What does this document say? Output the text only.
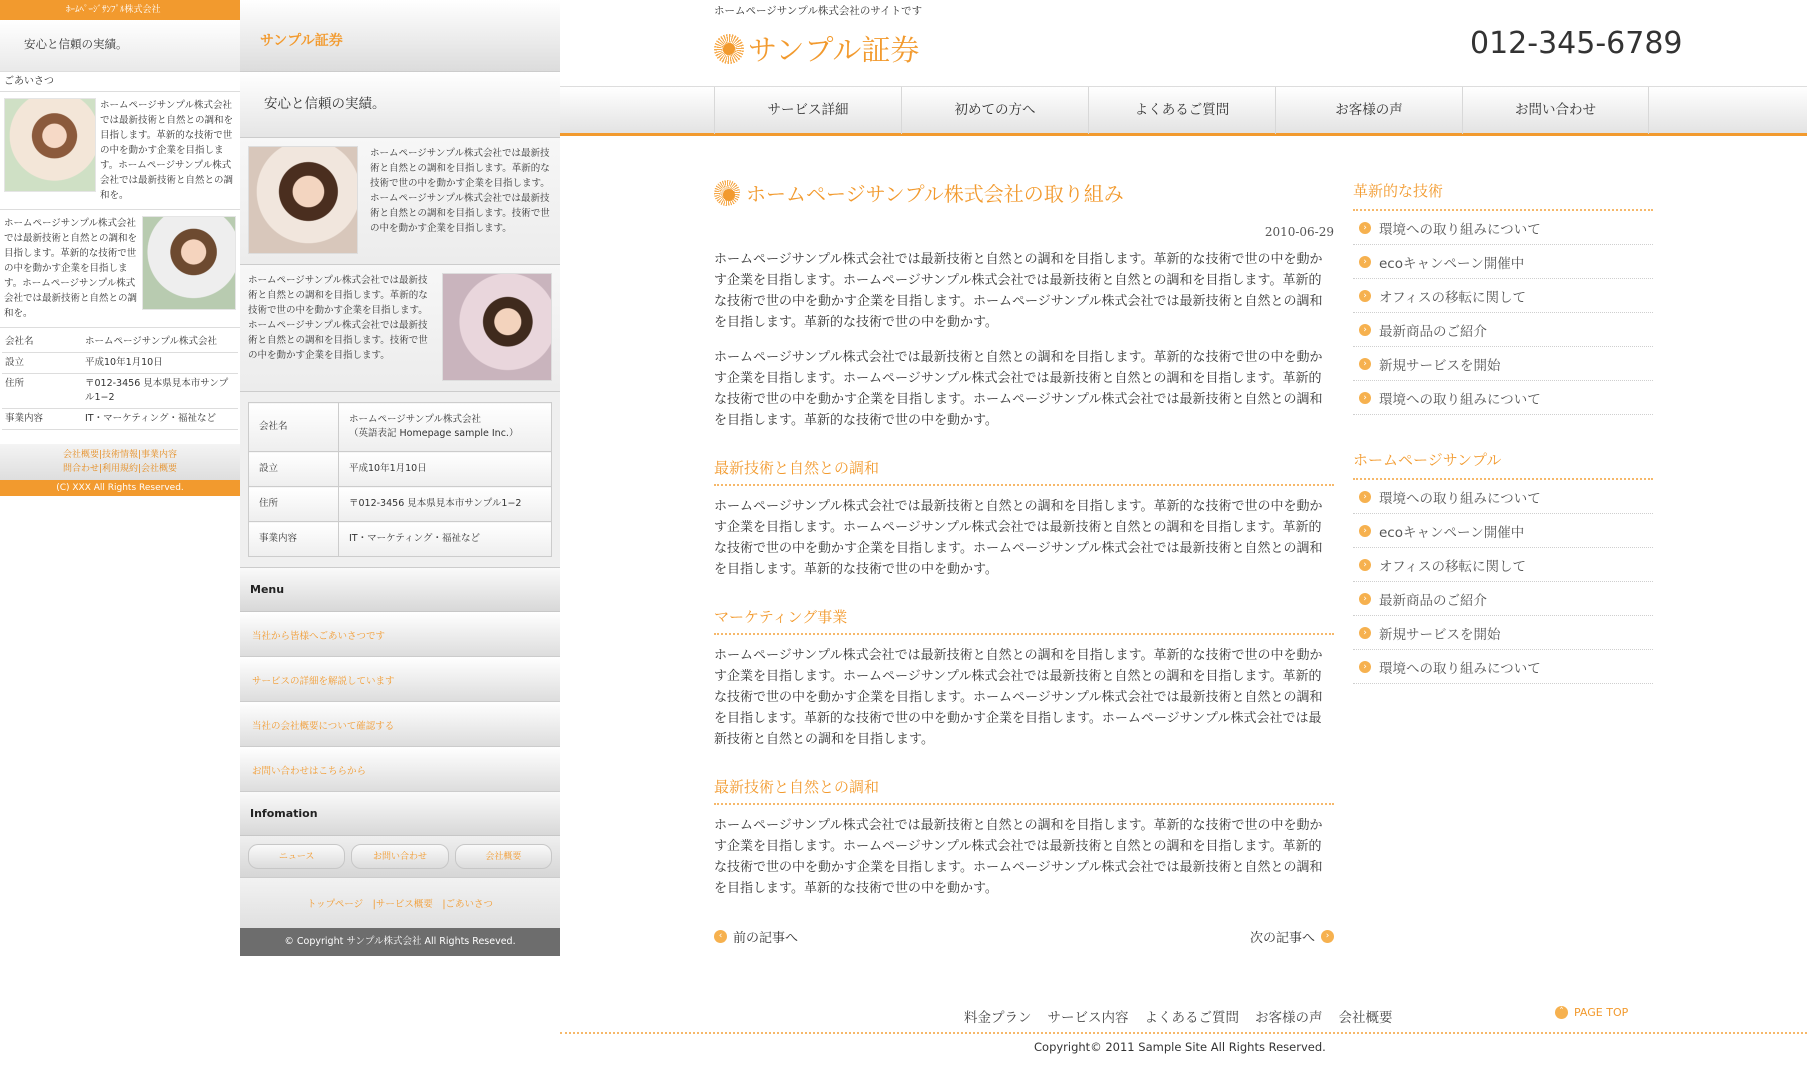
ﾎｰﾑﾍﾟｰｼﾞｻﾝﾌﾟﾙ株式会社
安心と信頼の実績。
ごあいさつ

ホームページサンプル株式会社では最新技術と自然との調和を目指します。革新的な技術で世の中を動かす企業を目指します。ホームページサンプル株式会社では最新技術と自然との調和を。

ホームページサンプル株式会社では最新技術と自然との調和を目指します。革新的な技術で世の中を動かす企業を目指します。ホームページサンプル株式会社では最新技術と自然との調和を。

会社名	ホームページサンプル株式会社
設立	平成10年1月10日
住所	〒012-3456 見本県見本市サンプル1−2
事業内容	IT・マーケティング・福祉など
会社概要|技術情報|事業内容
問合わせ|利用規約|会社概要
(C) XXX All Rights Reserved.
サンプル証券
安心と信頼の実績。

ホームページサンプル株式会社では最新技術と自然との調和を目指します。革新的な技術で世の中を動かす企業を目指します。ホームページサンプル株式会社では最新技術と自然との調和を目指します。技術で世の中を動かす企業を目指します。

ホームページサンプル株式会社では最新技術と自然との調和を目指します。革新的な技術で世の中を動かす企業を目指します。ホームページサンプル株式会社では最新技術と自然との調和を目指します。技術で世の中を動かす企業を目指します。

会社名	ホームページサンプル株式会社
（英語表記 Homepage sample Inc.）

設立	平成10年1月10日
住所	〒012-3456 見本県見本市サンプル1−2
事業内容	IT・マーケティング・福祉など
Menu
当社から皆様へごあいさつです
サービスの詳細を解説しています
当社の会社概要について確認する
お問い合わせはこちらから
Infomation
ニュース	お問い合わせ	会社概要
トップページ　|サービス概要　|ごあいさつ
© Copyright サンプル株式会社 All Rights Reseved.
ホームページサンプル株式会社のサイトです
サンプル証券	012-345-6789
サービス詳細	初めての方へ	よくあるご質問	お客様の声	お問い合わせ
ホームページサンプル株式会社の取り組み
2010-06-29

ホームページサンプル株式会社では最新技術と自然との調和を目指します。革新的な技術で世の中を動かす企業を目指します。ホームページサンプル株式会社では最新技術と自然との調和を目指します。革新的な技術で世の中を動かす企業を目指します。ホームページサンプル株式会社では最新技術と自然との調和を目指します。革新的な技術で世の中を動かす。

ホームページサンプル株式会社では最新技術と自然との調和を目指します。革新的な技術で世の中を動かす企業を目指します。ホームページサンプル株式会社では最新技術と自然との調和を目指します。革新的な技術で世の中を動かす企業を目指します。ホームページサンプル株式会社では最新技術と自然との調和を目指します。革新的な技術で世の中を動かす。

最新技術と自然との調和

ホームページサンプル株式会社では最新技術と自然との調和を目指します。革新的な技術で世の中を動かす企業を目指します。ホームページサンプル株式会社では最新技術と自然との調和を目指します。革新的な技術で世の中を動かす企業を目指します。ホームページサンプル株式会社では最新技術と自然との調和を目指します。革新的な技術で世の中を動かす。

マーケティング事業

ホームページサンプル株式会社では最新技術と自然との調和を目指します。革新的な技術で世の中を動かす企業を目指します。ホームページサンプル株式会社では最新技術と自然との調和を目指します。革新的な技術で世の中を動かす企業を目指します。ホームページサンプル株式会社では最新技術と自然との調和を目指します。革新的な技術で世の中を動かす企業を目指します。ホームページサンプル株式会社では最新技術と自然との調和を目指します。

最新技術と自然との調和

ホームページサンプル株式会社では最新技術と自然との調和を目指します。革新的な技術で世の中を動かす企業を目指します。ホームページサンプル株式会社では最新技術と自然との調和を目指します。革新的な技術で世の中を動かす企業を目指します。ホームページサンプル株式会社では最新技術と自然との調和を目指します。革新的な技術で世の中を動かす。

‹ 前の記事へ	次の記事へ	›
革新的な技術
› 環境への取り組みについて
› ecoキャンペーン開催中
› オフィスの移転に関して
› 最新商品のご紹介
› 新規サービスを開始
› 環境への取り組みについて
ホームページサンプル
› 環境への取り組みについて
› ecoキャンペーン開催中
› オフィスの移転に関して
› 最新商品のご紹介
› 新規サービスを開始
› 環境への取り組みについて
料金プラン サービス内容 よくあるご質問 お客様の声 会社概要	˄ PAGE TOP
Copyright© 2011 Sample Site All Rights Reserved.
